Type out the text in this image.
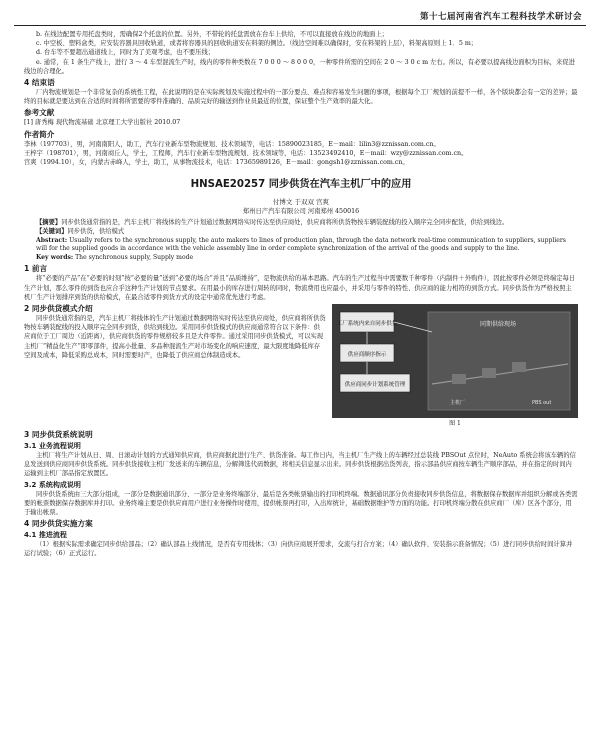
第十七届河南省汽车工程科技学术研讨会

b. 在线边配置专用托盘类时，需确保2个托盘的位置。另外，不带轮的托盘需放在台车上供给，不可以直接放在线边的地面上；

c. 中空板、塑料盒类，应安装容器具回收轨道，或者将容器具的回收轨道安在料架的侧边。（线边空间难以确保时，安在料架的上层），料架高原则上 1．5 m；

d. 台车等不要超出通道线上，同时为了美观考虑，也不要压线；

e. 通常，在 1 条生产线上，进行 3 ～ 4 车型混流生产时，线内的零件种类数在 7 0 0 0 ～ 8 0 0 0，一种零件所需的空间在 2 0 ～ 3 0 c m 左右。所以，有必要以提高线边面积为目标，来促进线边的合理化。

4 结束语

厂内物流规划是一个非常复杂的系统性工程，在此说明的是在实际规划及实施过程中的一部分要点、难点和容易发生问题的事项，根据每个工厂规划的前提不一样，各个版块都会有一定的差异；最终的目标就是要达到在合适的时间将所需要的零件准确的、品质完好的输送到作业员最近的位置，保证整个生产效率的最大化。

参考文献

[1] 唐秀梅 现代物流基础 北京理工大学出版社 2010.07

作者简介

李林（197703），男，河南南阳人，助工，汽车行业新车型物流规划、技术领域等，电话：15890023185，E－mail：lilin3@zznissan.com.cn。

王梓宇（198701），男，河南商丘人，学士，工程师，汽车行业新车型物流规划、技术领域等，电话：13523492410，E－mail：wzy@zznissan.com.cn。

宫爽（1994.10），女，内蒙古赤峰人，学士，助工，从事物流技术，电话：17365989126，E－mail：gongsh1@zznissan.com.cn。

HNSAE20257 同步供货在汽车主机厂中的应用
付博文 于双双 宫爽
郑州日产汽车有限公司 河南郑州 450016

【摘要】同步供货通常指的是，汽车主机厂将线体的生产计划通过数据网络实时传达至供应商处，供应商将所供货物按车辆装配线的投入顺序完全同步配货，供给到线边。

【关键词】同步供货，供给模式

Abstract: Usually refers to the synchronous supply, the auto makers to lines of production plan, through the data network real-time communication to suppliers, suppliers will for the supplied goods in accordance with the vehicle assembly line in order complete synchronization of the arrival of the goods and supply to the line.

Key words: The synchronous supply, Supply mode

1 前言

将“必要的产品”在“必要的时刻”按“必要的量”送到“必要的场合”并且“品质维持”，是物流供给的基本思路。汽车的生产过程当中需要数千种零件（内制件＋外购件），因此按零件必须是终端定每日生产计划，那么零件的到货也应合乎这种生产计划的节点要求。在用最小的库存进行周转的同时，物流费用也应最小，并采用与零件的特性、供应商的能力相符的到货方式。同步供货作为严格按照主机厂生产计划排序到货的供给模式，在最合适零件到货方式的设定中通常优先进行考虑。

工厂系统内来自同步供货
供应商顺序指示
供应商同步计划系统管理
同期供给现场
主机厂	PBS out
图 1
2 同步供货模式介绍

同步供货通常指的是，汽车主机厂将线体的生产计划通过数据网络实时传达至供应商处，供应商将所供货物按车辆装配线的投入顺序完全同步到货，供给到线边。采用同步供货模式的供应商通常符合以下条件：供应商位于工厂周边（近距离），供应商供货的零件规格较多且是大件零件。通过采用同步供货模式，可以实现主机厂“精益化生产”即零部件，提高小批量、多品种混流生产对市场变化的响应速度，最大限度地降低库存空间及成本，降低采购总成本，同时需要时产，也降低了供应商总体制造成本。

3 同步供货系统说明
3.1 业务流程说明

主机厂将生产计划从日、周、日滚动计划的方式通知供应商，供应商据此进行生产、供货准备。每工作日内，当主机厂生产线上的车辆经过总装线 PBSOut 点位时，NeAuto 系统会将该车辆的信息发送到供应商同步供货系统。同步供货接收主机厂发送来的车辆信息，分解筛选代码数据，将相关信息显示出来。同步供货根据出货列表，指示部品供应商按车辆生产顺序部品，并在指定的时间内运输到主机厂部品指定放置区。

3.2 系统构成说明

同步供货系统由三大部分组成，一部分是数据通讯部分、一部分是业务终端部分、最后是各类帐票输出的打印机终端。数据通讯部分负责接收同步供货信息，将数据保存数据库并组织分解或各类需要的帐票数据保存数据库并打印。业务终端主要是供供应商用户进行业务操作时使用，提供帐票再打印，入出库统计，基础数据维护等方面的功能。打印机终端分散在供应商厂（库）区各个部分，用于输出帐票。

4 同步供货实施方案
4.1 推进流程

（1）根据实际需求确定同步供给部品；（2）确认部品上线情况，是否有专用线体；（3）向供应商展开需求，交流与打合方案；（4）确认软件、安装指示准备情况；（5）进行同步供给时间计算并运行试验；（6）正式运行。
